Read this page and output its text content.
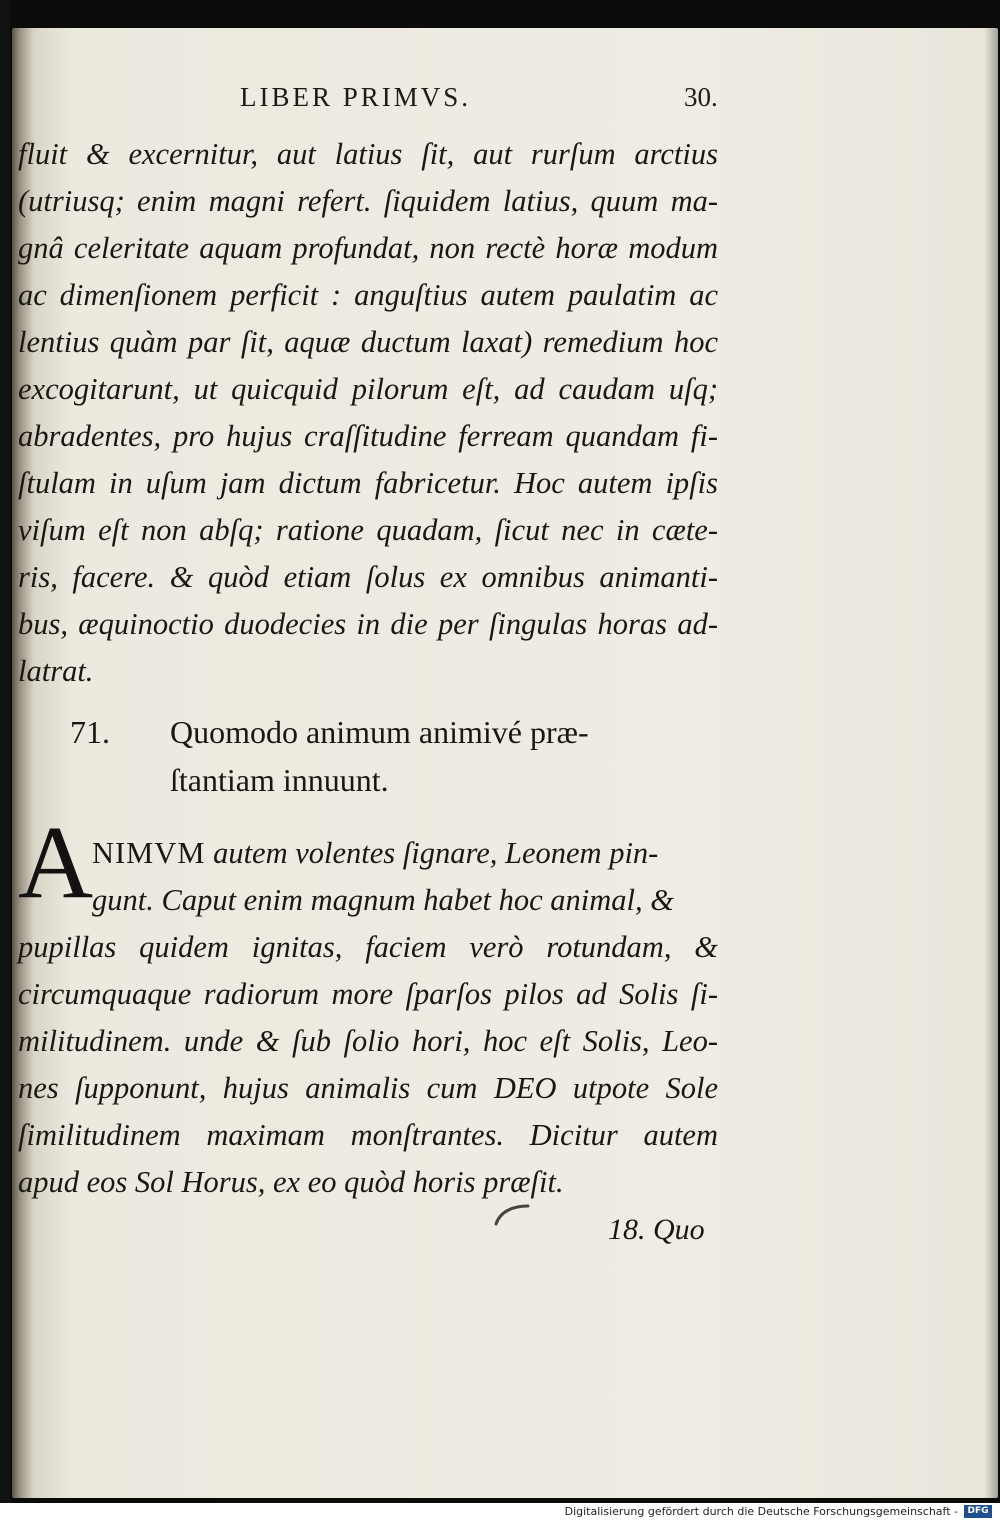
LIBER PRIMVS.	30.
fluit & excernitur, aut latius ſit, aut rurſum arctius
(utriusq; enim magni refert. ſiquidem latius, quum ma-
gnâ celeritate aquam profundat, non rectè horæ modum
ac dimenſionem perficit : anguſtius autem paulatim ac
lentius quàm par ſit, aquæ ductum laxat) remedium hoc
excogitarunt, ut quicquid pilorum eſt, ad caudam uſq;
abradentes, pro hujus craſſitudine ferream quandam fi-
ſtulam in uſum jam dictum fabricetur. Hoc autem ipſis
viſum eſt non abſq; ratione quadam, ſicut nec in cæte-
ris, facere. & quòd etiam ſolus ex omnibus animanti-
bus, æquinoctio duodecies in die per ſingulas horas ad-
latrat.
71. Quomodo animum animivé præ-
ſtantiam innuunt.
A
NIMVM autem volentes ſignare, Leonem pin-
gunt. Caput enim magnum habet hoc animal, &
pupillas quidem ignitas, faciem verò rotundam, &
circumquaque radiorum more ſparſos pilos ad Solis ſi-
militudinem. unde & ſub ſolio hori, hoc eſt Solis, Leo-
nes ſupponunt, hujus animalis cum DEO utpote Sole
ſimilitudinem maximam monſtrantes. Dicitur autem
apud eos Sol Horus, ex eo quòd horis præſit.
18. Quo
Digitalisierung gefördert durch die Deutsche Forschungsgemeinschaft -	DFG
